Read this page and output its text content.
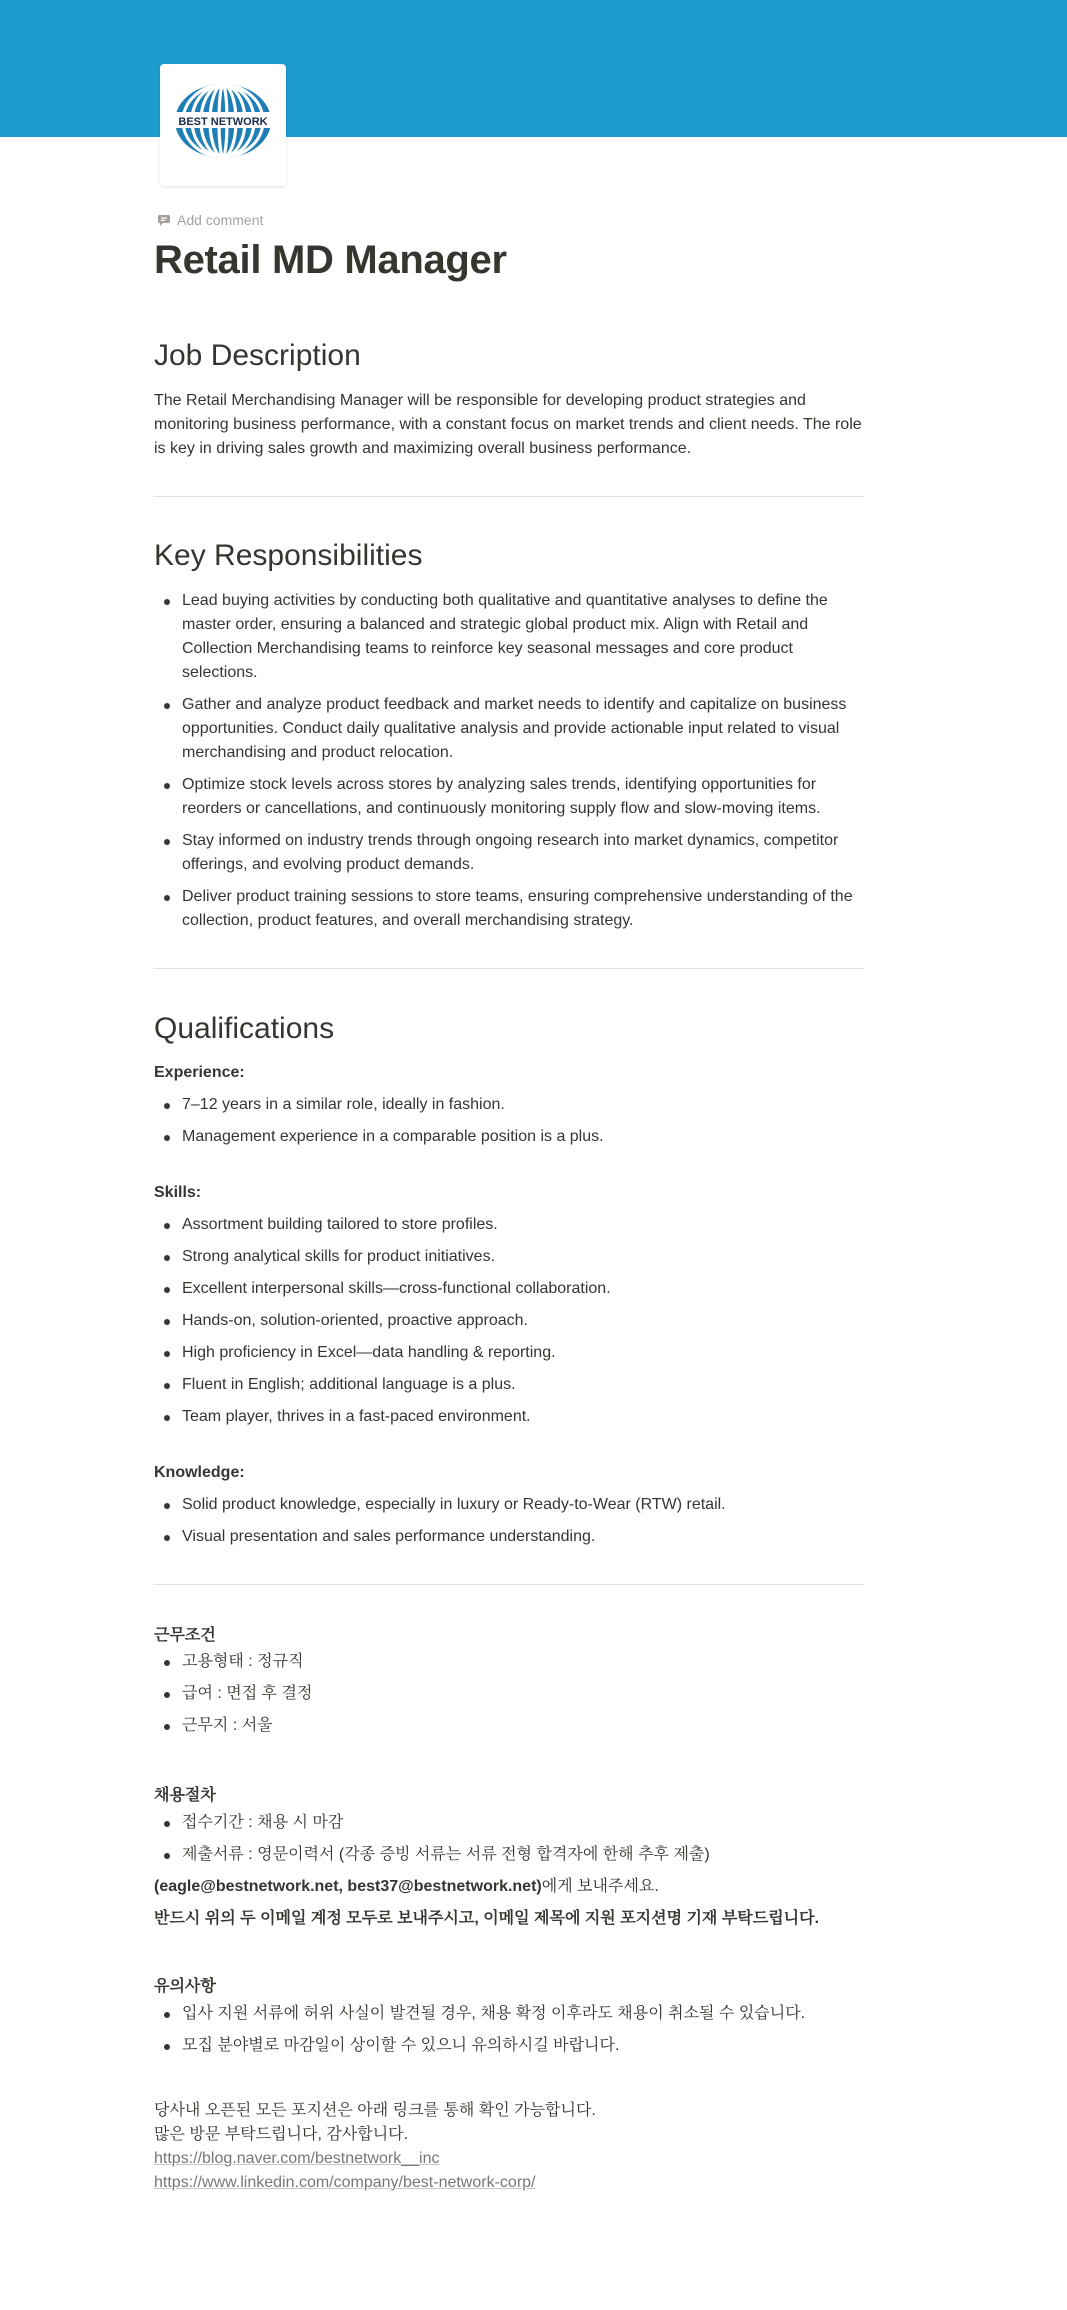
BEST NETWORK
Add comment
Retail MD Manager
Job Description
The Retail Merchandising Manager will be responsible for developing product strategies and monitoring business performance, with a constant focus on market trends and client needs. The role is key in driving sales growth and maximizing overall business performance.
Key Responsibilities
Lead buying activities by conducting both qualitative and quantitative analyses to define the master order, ensuring a balanced and strategic global product mix. Align with Retail and Collection Merchandising teams to reinforce key seasonal messages and core product selections.
Gather and analyze product feedback and market needs to identify and capitalize on business opportunities. Conduct daily qualitative analysis and provide actionable input related to visual merchandising and product relocation.
Optimize stock levels across stores by analyzing sales trends, identifying opportunities for reorders or cancellations, and continuously monitoring supply flow and slow-moving items.
Stay informed on industry trends through ongoing research into market dynamics, competitor offerings, and evolving product demands.
Deliver product training sessions to store teams, ensuring comprehensive understanding of the collection, product features, and overall merchandising strategy.
Qualifications
Experience:
7–12 years in a similar role, ideally in fashion.
Management experience in a comparable position is a plus.
Skills:
Assortment building tailored to store profiles.
Strong analytical skills for product initiatives.
Excellent interpersonal skills—cross-functional collaboration.
Hands-on, solution-oriented, proactive approach.
High proficiency in Excel—data handling & reporting.
Fluent in English; additional language is a plus.
Team player, thrives in a fast-paced environment.
Knowledge:
Solid product knowledge, especially in luxury or Ready-to-Wear (RTW) retail.
Visual presentation and sales performance understanding.
근무조건
고용형태 : 정규직
급여 : 면접 후 결정
근무지 : 서울
채용절차
접수기간 : 채용 시 마감
제출서류 : 영문이력서 (각종 증빙 서류는 서류 전형 합격자에 한해 추후 제출)
(eagle@bestnetwork.net, best37@bestnetwork.net)에게 보내주세요.
반드시 위의 두 이메일 계정 모두로 보내주시고, 이메일 제목에 지원 포지션명 기재 부탁드립니다.
유의사항
입사 지원 서류에 허위 사실이 발견될 경우, 채용 확정 이후라도 채용이 취소될 수 있습니다.
모집 분야별로 마감일이 상이할 수 있으니 유의하시길 바랍니다.
당사내 오픈된 모든 포지션은 아래 링크를 통해 확인 가능합니다.
많은 방문 부탁드립니다, 감사합니다.
https://blog.naver.com/bestnetwork__inc
https://www.linkedin.com/company/best-network-corp/
